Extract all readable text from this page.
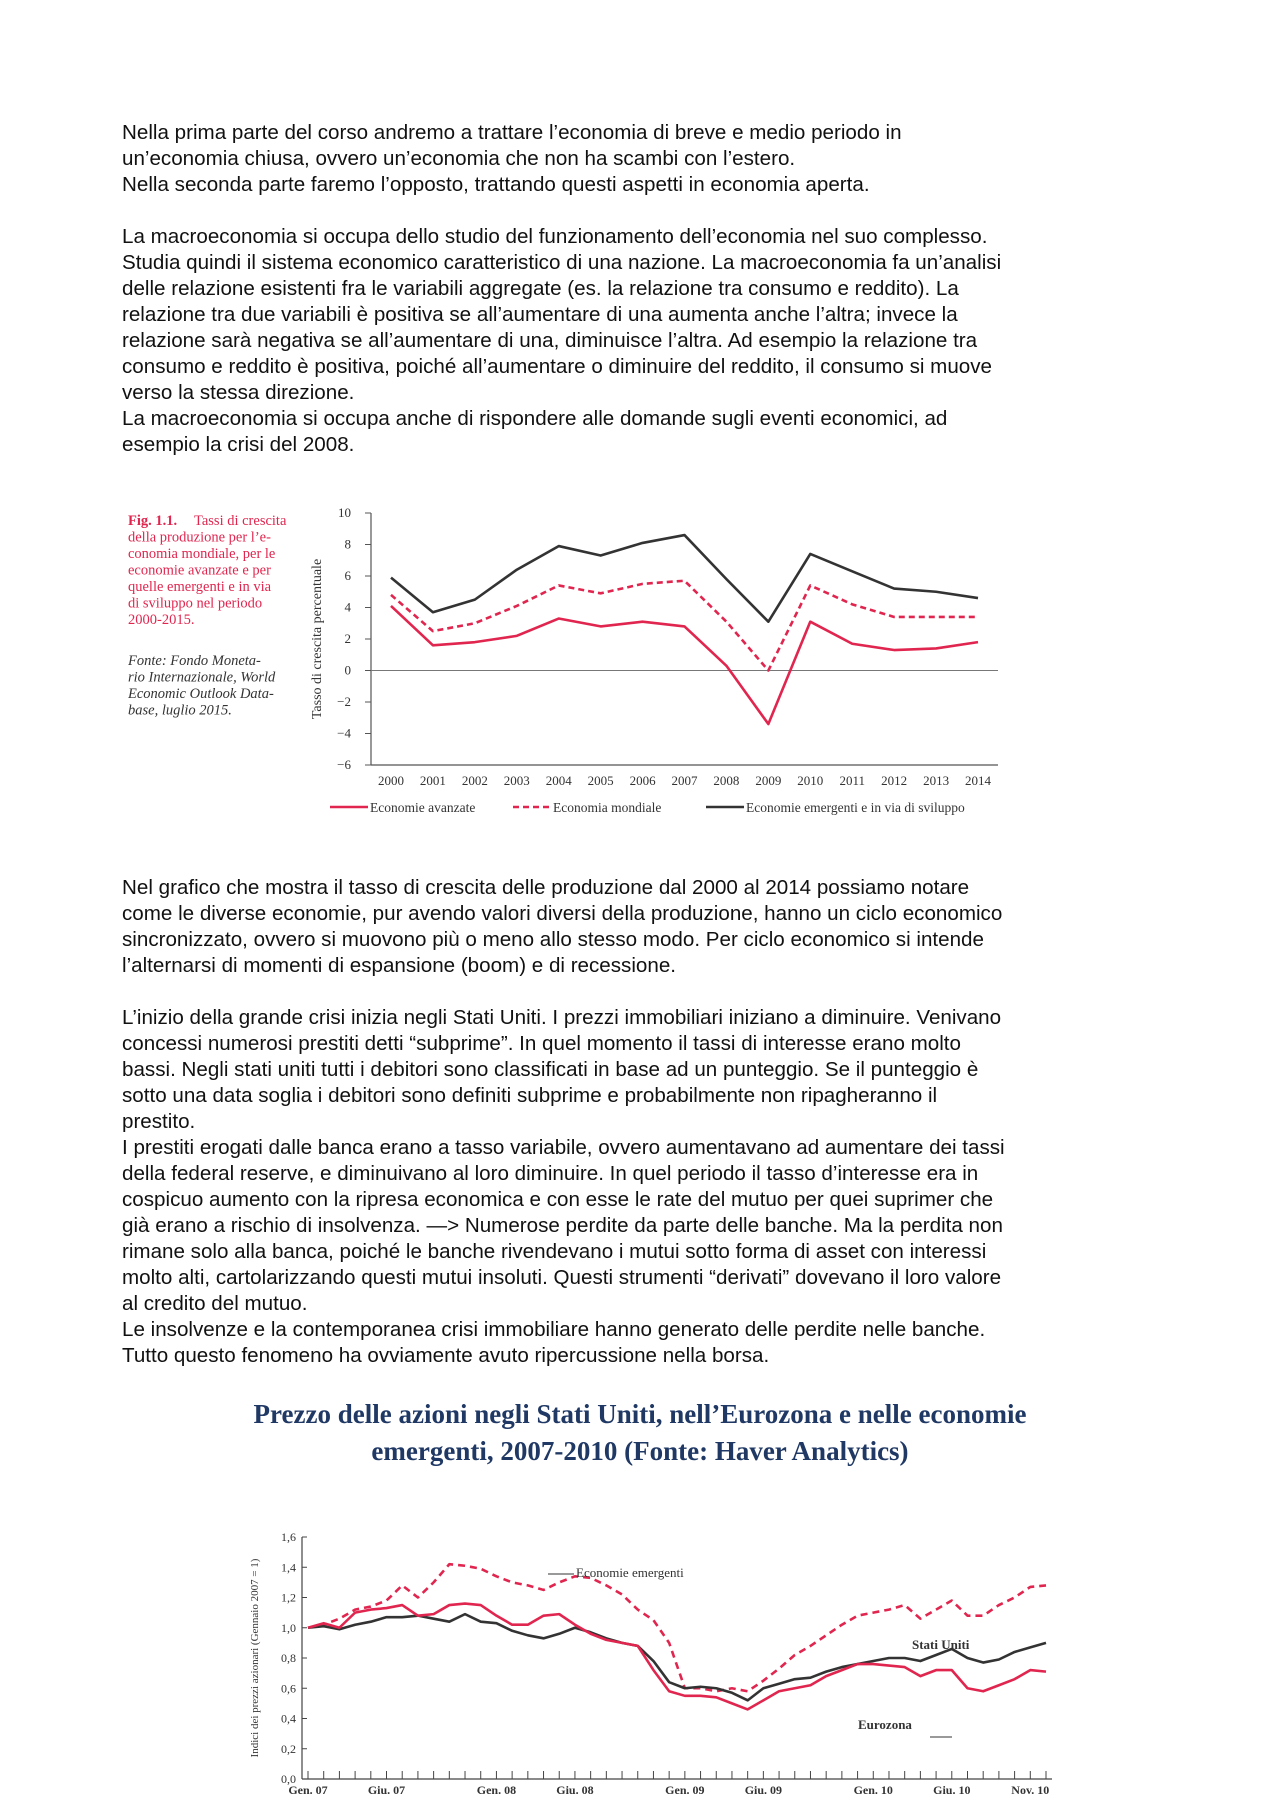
Nella prima parte del corso andremo a trattare l’economia di breve e medio periodo in

un’economia chiusa, ovvero un’economia che non ha scambi con l’estero.

Nella seconda parte faremo l’opposto, trattando questi aspetti in economia aperta.

La macroeconomia si occupa dello studio del funzionamento dell’economia nel suo complesso.

Studia quindi il sistema economico caratteristico di una nazione. La macroeconomia fa un’analisi

delle relazione esistenti fra le variabili aggregate (es. la relazione tra consumo e reddito). La

relazione tra due variabili è positiva se all’aumentare di una aumenta anche l’altra; invece la

relazione sarà negativa se all’aumentare di una, diminuisce l’altra. Ad esempio la relazione tra

consumo e reddito è positiva, poiché all’aumentare o diminuire del reddito, il consumo si muove

verso la stessa direzione.

La macroeconomia si occupa anche di rispondere alle domande sugli eventi economici, ad

esempio la crisi del 2008.

Fig. 1.1. Tassi di crescita
della produzione per l’e-
conomia mondiale, per le
economie avanzate e per
quelle emergenti e in via
di sviluppo nel periodo
2000-2015.
Fonte: Fondo Moneta-
rio Internazionale, World
Economic Outlook Data-
base, luglio 2015.
10
8
6
4
2
0
−2
−4
−6
2000 2001 2002 2003 2004 2005 2006 2007 2008 2009 2010 2011 2012 2013 2014
Tasso di crescita percentuale
Economie avanzate	Economia mondiale	Economie emergenti e in via di sviluppo

Nel grafico che mostra il tasso di crescita delle produzione dal 2000 al 2014 possiamo notare

come le diverse economie, pur avendo valori diversi della produzione, hanno un ciclo economico

sincronizzato, ovvero si muovono più o meno allo stesso modo. Per ciclo economico si intende

l’alternarsi di momenti di espansione (boom) e di recessione.

L’inizio della grande crisi inizia negli Stati Uniti. I prezzi immobiliari iniziano a diminuire. Venivano

concessi numerosi prestiti detti “subprime”. In quel momento il tassi di interesse erano molto

bassi. Negli stati uniti tutti i debitori sono classificati in base ad un punteggio. Se il punteggio è

sotto una data soglia i debitori sono definiti subprime e probabilmente non ripagheranno il

prestito.

I prestiti erogati dalle banca erano a tasso variabile, ovvero aumentavano ad aumentare dei tassi

della federal reserve, e diminuivano al loro diminuire. In quel periodo il tasso d’interesse era in

cospicuo aumento con la ripresa economica e con esse le rate del mutuo per quei suprimer che

già erano a rischio di insolvenza. —> Numerose perdite da parte delle banche. Ma la perdita non

rimane solo alla banca, poiché le banche rivendevano i mutui sotto forma di asset con interessi

molto alti, cartolarizzando questi mutui insoluti. Questi strumenti “derivati” dovevano il loro valore

al credito del mutuo.

Le insolvenze e la contemporanea crisi immobiliare hanno generato delle perdite nelle banche.

Tutto questo fenomeno ha ovviamente avuto ripercussione nella borsa.

Prezzo delle azioni negli Stati Uniti, nell’Eurozona e nelle economie
emergenti, 2007-2010 (Fonte: Haver Analytics)
1,6
1,4
1,2
1,0
0,8
0,6
0,4
0,2
0,0
Gen. 07	Giu. 07	Gen. 08	Giu. 08	Gen. 09	Giu. 09	Gen. 10	Giu. 10	Nov. 10
Indici dei prezzi azionari (Gennaio 2007 = 1)	Economie emergenti
Stati Uniti
Eurozona
